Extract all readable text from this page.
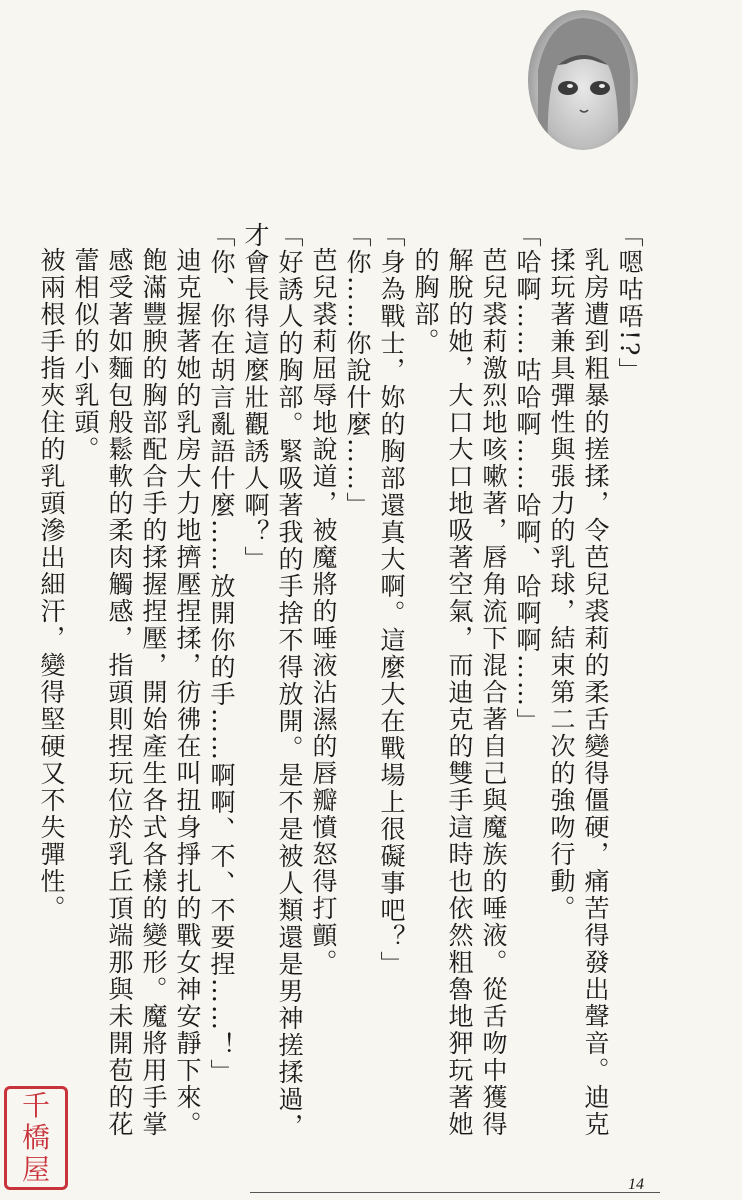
「嗯咕唔!?」

乳房遭到粗暴的搓揉，令芭兒裘莉的柔舌變得僵硬，痛苦得發出聲音。迪克揉玩著兼具彈性與張力的乳球，結束第二次的強吻行動。

「哈啊……咕哈啊……哈啊、哈啊啊……」

芭兒裘莉激烈地咳嗽著，唇角流下混合著自己與魔族的唾液。從舌吻中獲得解脫的她，大口大口地吸著空氣，而迪克的雙手這時也依然粗魯地狎玩著她的胸部。

「身為戰士，妳的胸部還真大啊。這麼大在戰場上很礙事吧？」

「你……你說什麼……」

芭兒裘莉屈辱地說道，被魔將的唾液沾濕的唇瓣憤怒得打顫。

「好誘人的胸部。緊吸著我的手捨不得放開。是不是被人類還是男神搓揉過，才會長得這麼壯觀誘人啊？」

「你、你在胡言亂語什麼……放開你的手……啊啊、不、不要捏……！」

迪克握著她的乳房大力地擠壓捏揉，彷彿在叫扭身掙扎的戰女神安靜下來。飽滿豐腴的胸部配合手的揉握捏壓，開始產生各式各樣的變形。魔將用手掌感受著如麵包般鬆軟的柔肉觸感，指頭則捏玩位於乳丘頂端那與未開苞的花蕾相似的小乳頭。

被兩根手指夾住的乳頭滲出細汗，變得堅硬又不失彈性。

千
橋
屋	14
